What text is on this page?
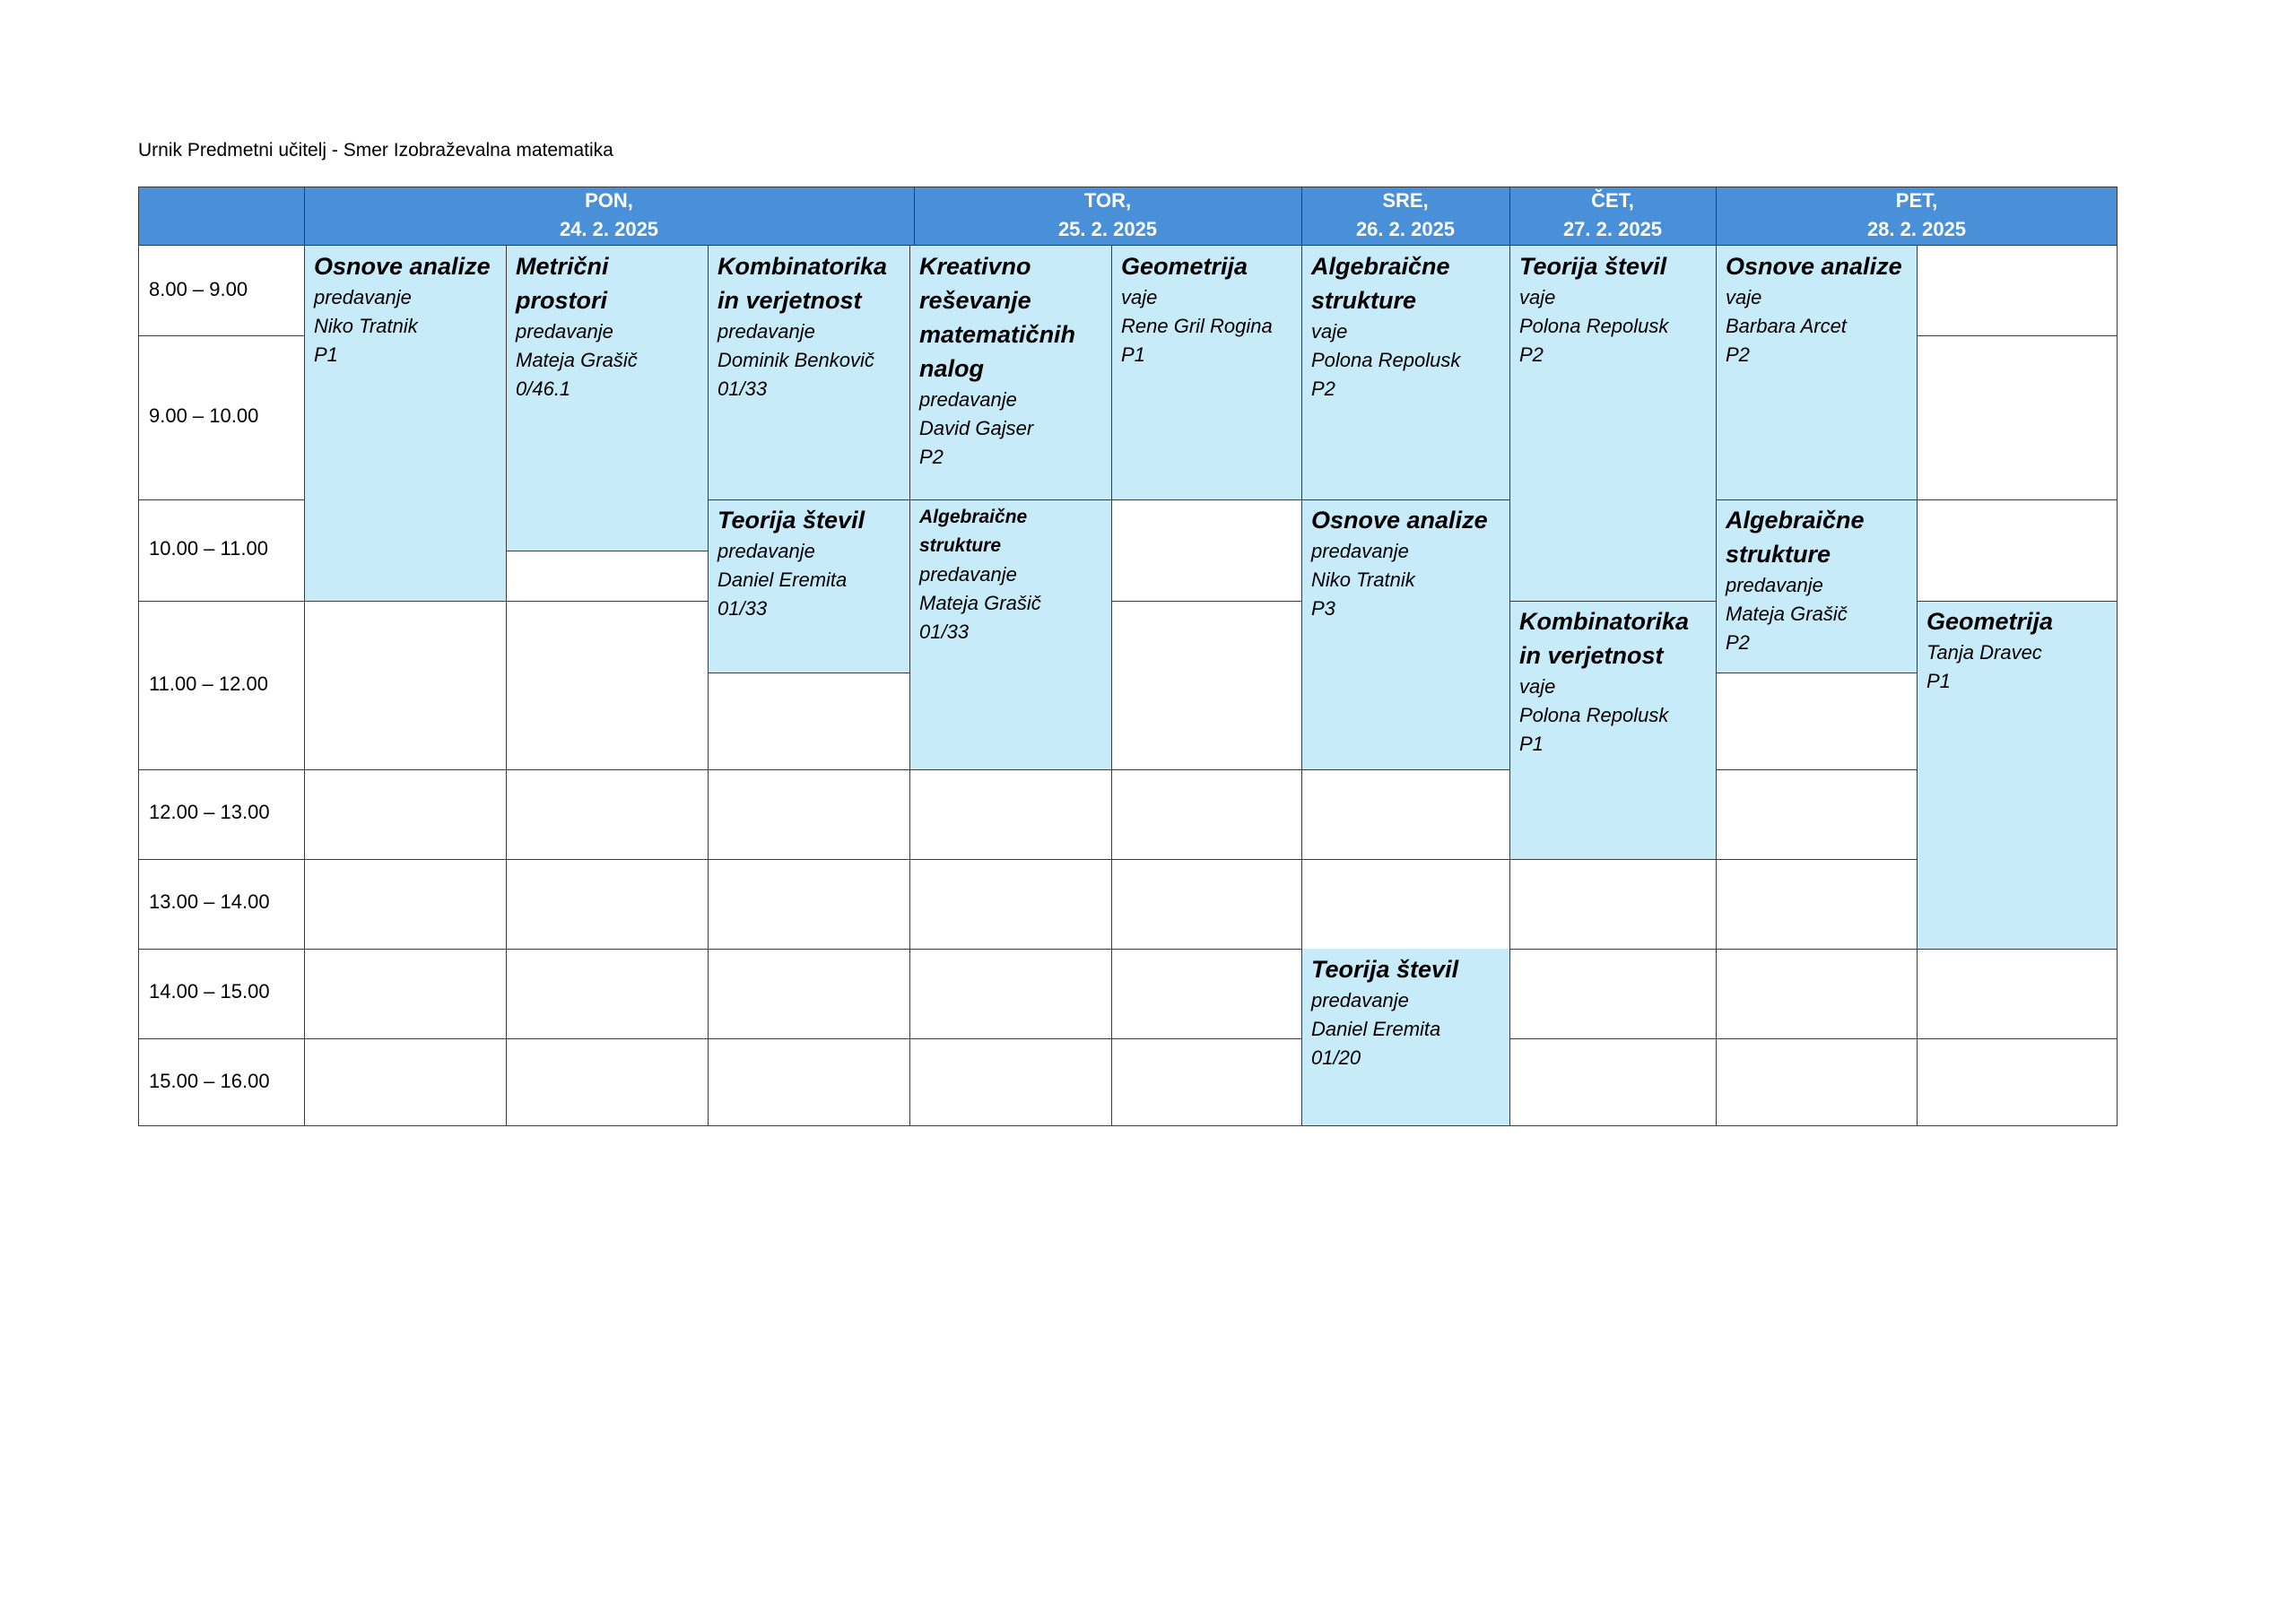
Urnik Predmetni učitelj - Smer Izobraževalna matematika
PON,
24. 2. 2025
TOR,
25. 2. 2025
SRE,
26. 2. 2025
ČET,
27. 2. 2025
PET,
28. 2. 2025
8.00 – 9.00
9.00 – 10.00
10.00 – 11.00
11.00 – 12.00
12.00 – 13.00
13.00 – 14.00
14.00 – 15.00
15.00 – 16.00
Osnove analize
predavanje
Niko Tratnik
P1
Metrični prostori
predavanje
Mateja Grašič
0/46.1
Kombinatorika in verjetnost
predavanje
Dominik Benkovič
01/33
Teorija števil
predavanje
Daniel Eremita
01/33
Kreativno reševanje matematičnih nalog
predavanje
David Gajser
P2
Algebraične strukture
predavanje
Mateja Grašič
01/33
Geometrija
vaje
Rene Gril Rogina
P1
Algebraične strukture
vaje
Polona Repolusk
P2
Osnove analize
predavanje
Niko Tratnik
P3
Teorija števil
predavanje
Daniel Eremita
01/20
Teorija števil
vaje
Polona Repolusk
P2
Kombinatorika in verjetnost
vaje
Polona Repolusk
P1
Osnove analize
vaje
Barbara Arcet
P2
Algebraične strukture
predavanje
Mateja Grašič
P2
Geometrija
Tanja Dravec
P1
